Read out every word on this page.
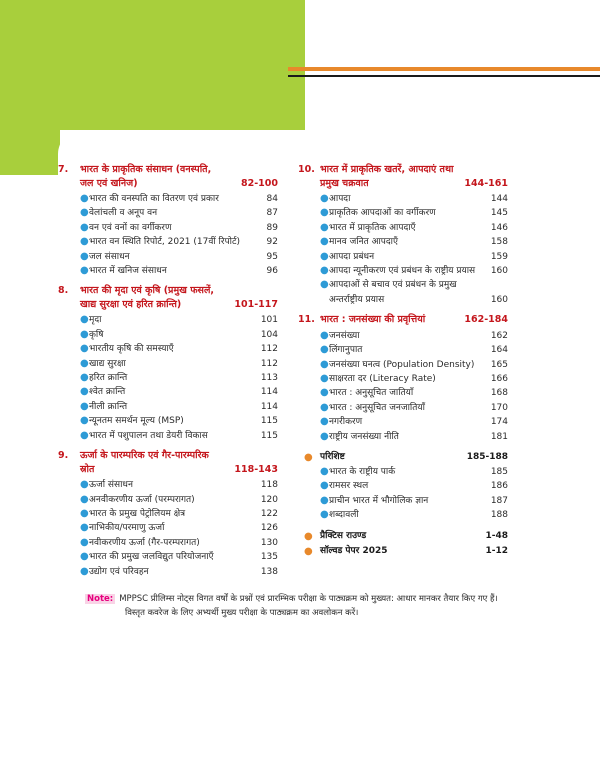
7.	भारत के प्राकृतिक संसाधन (वनस्पति,
जल एवं खनिज)	82-100
● भारत की वनस्पति का वितरण एवं प्रकार	84
● वेलांचली व अनूप वन	87
● वन एवं वनों का वर्गीकरण	89
● भारत वन स्थिति रिपोर्ट, 2021 (17वीं रिपोर्ट)	92
● जल संसाधन	95
● भारत में खनिज संसाधन	96
8.	भारत की मृदा एवं कृषि (प्रमुख फसलें,
खाद्य सुरक्षा एवं हरित क्रान्ति)	101-117
● मृदा	101
● कृषि	104
● भारतीय कृषि की समस्याएँ	112
● खाद्य सुरक्षा	112
● हरित क्रान्ति	113
● श्वेत क्रान्ति	114
● नीली क्रान्ति	114
● न्यूनतम समर्थन मूल्य (MSP)	115
● भारत में पशुपालन तथा डेयरी विकास	115
9.	ऊर्जा के पारम्परिक एवं गैर-पारम्परिक
स्रोत	118-143
● ऊर्जा संसाधन	118
● अनवीकरणीय ऊर्जा (परम्परागत)	120
● भारत के प्रमुख पेट्रोलियम क्षेत्र	122
● नाभिकीय/परमाणु ऊर्जा	126
● नवीकरणीय ऊर्जा (गैर-परम्परागत)	130
● भारत की प्रमुख जलविद्युत परियोजनाएँ	135
● उद्योग एवं परिवहन	138
10. भारत में प्राकृतिक खतरें, आपदाएं तथा
प्रमुख चक्रवात	144-161
● आपदा	144
● प्राकृतिक आपदाओं का वर्गीकरण	145
● भारत में प्राकृतिक आपदाएँ	146
● मानव जनित आपदाएँ	158
● आपदा प्रबंधन	159
● आपदा न्यूनीकरण एवं प्रबंधन के राष्ट्रीय प्रयास	160
● आपदाओं से बचाव एवं प्रबंधन के प्रमुख अन्तर्राष्ट्रीय प्रयास	160
11. भारत : जनसंख्या की प्रवृत्तियां	162-184
● जनसंख्या	162
● लिंगानुपात	164
● जनसंख्या घनत्व (Population Density)	165
● साक्षरता दर (Literacy Rate)	166
● भारत : अनुसूचित जातियाँ	168
● भारत : अनुसूचित जनजातियाँ	170
● नगरीकरण	174
● राष्ट्रीय जनसंख्या नीति	181
● परिशिष्ट	185-188
● भारत के राष्ट्रीय पार्क	185
● रामसर स्थल	186
● प्राचीन भारत में भौगोलिक ज्ञान	187
● शब्दावली	188
● प्रैक्टिस राउण्ड	1-48
● सॉल्वड पेपर 2025	1-12
Note: MPPSC प्रीलिम्स नोट्स विगत वर्षों के प्रश्नों एवं प्रारम्भिक परीक्षा के पाठ्यक्रम को मुख्यत: आधार मानकर तैयार किए गए हैं।
विस्तृत कवरेज के लिए अभ्यर्थी मुख्य परीक्षा के पाठ्यक्रम का अवलोकन करें।
